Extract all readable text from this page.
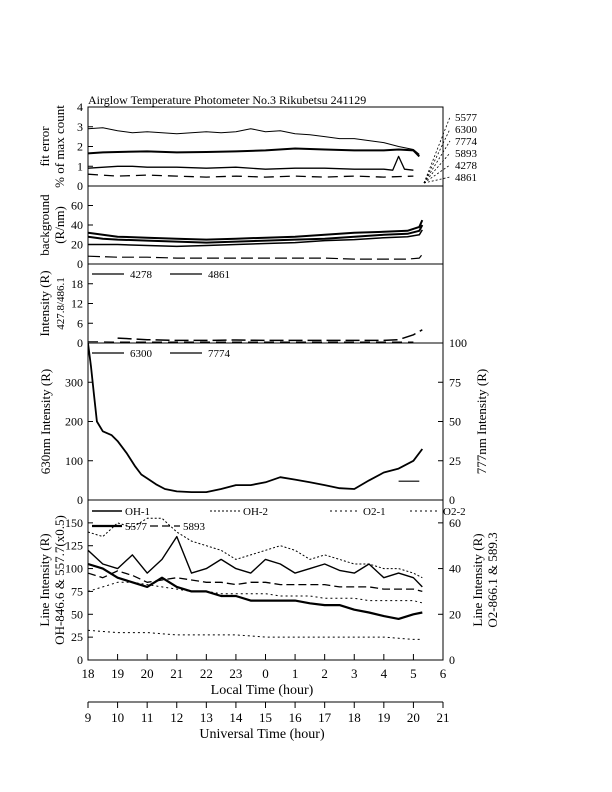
Airglow Temperature Photometer No.3 Rikubetsu 241129
0
1
2
3
4
fit error % of max count	5577
6300
7774
5893
4278
4861
0
20
40
60
background (R/nm)
0
6
12
18
Intensity (R) 427.8/486.1
4278	4861
0
100
200
300
0
25
50
75
100
630nm Intensity (R)	777nm Intensity (R)
6300	7774
0
25
50
75
100
125
150
0
20
40
60
Line Intensity (R) OH-846.6 & 557.7(x0.5)	Line Intensity (R) O2-866.1 & 589.3
OH-1	OH-2	O2-1	O2-2
5577	5893
18 19 20 21 22 23 0 1 2 3 4 5 6
9 10 11 12 13 14 15 16 17 18 19 20 21
Local Time (hour)
Universal Time (hour)
